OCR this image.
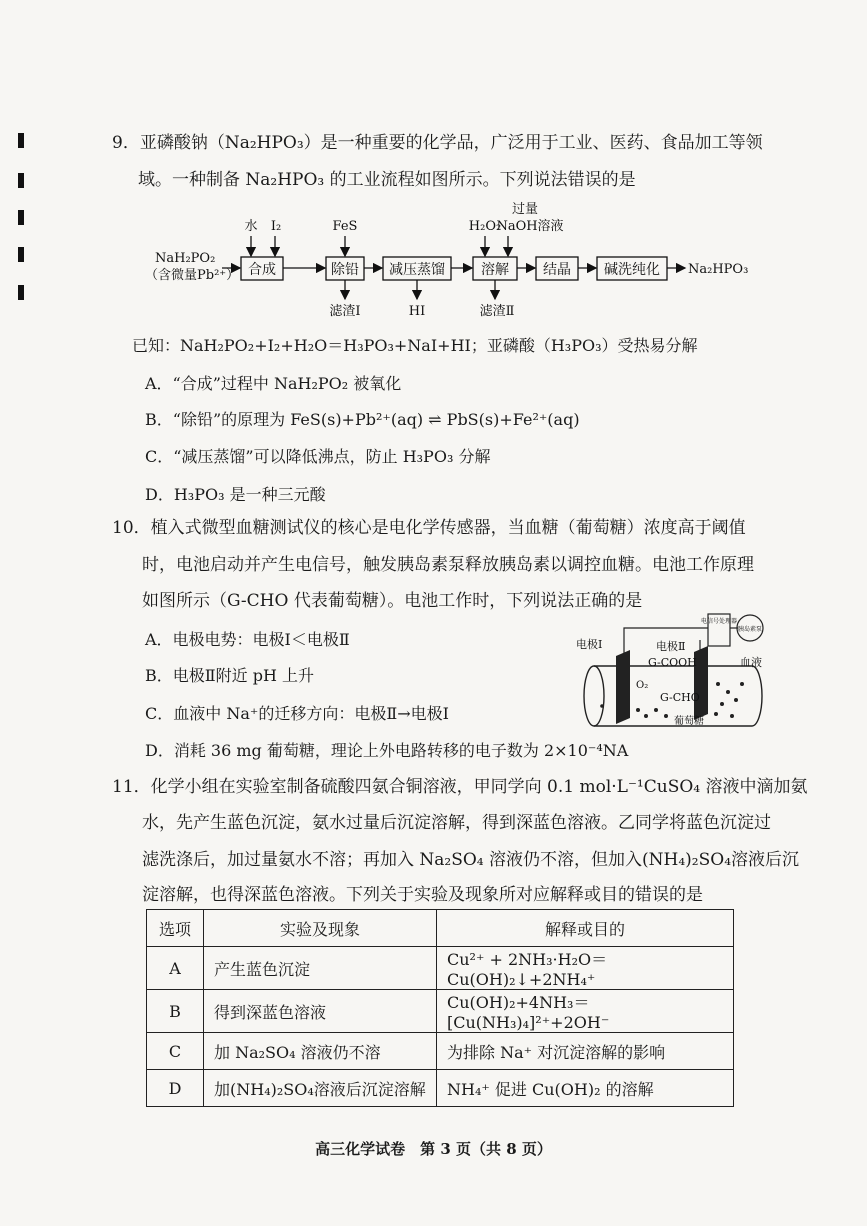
9．亚磷酸钠（Na₂HPO₃）是一种重要的化学品，广泛用于工业、医药、食品加工等领
域。一种制备 Na₂HPO₃ 的工业流程如图所示。下列说法错误的是
NaH₂PO₂
（含微量Pb²⁺） 合成	除铅 减压蒸馏	溶解 结晶 碱洗纯化
水 I₂	FeS	H₂O₂
过量
NaOH溶液
滤渣Ⅰ	HI	滤渣Ⅱ
Na₂HPO₃
已知：NaH₂PO₂+I₂+H₂O＝H₃PO₃+NaI+HI；亚磷酸（H₃PO₃）受热易分解
A．“合成”过程中 NaH₂PO₂ 被氧化
B．“除铅”的原理为 FeS(s)+Pb²⁺(aq) ⇌ PbS(s)+Fe²⁺(aq)
C．“减压蒸馏”可以降低沸点，防止 H₃PO₃ 分解
D．H₃PO₃ 是一种三元酸
10．植入式微型血糖测试仪的核心是电化学传感器，当血糖（葡萄糖）浓度高于阈值
时，电池启动并产生电信号，触发胰岛素泵释放胰岛素以调控血糖。电池工作原理
如图所示（G-CHO 代表葡萄糖）。电池工作时，下列说法正确的是
A．电极电势：电极Ⅰ＜电极Ⅱ
B．电极Ⅱ附近 pH 上升
C．血液中 Na⁺的迁移方向：电极Ⅱ→电极Ⅰ
D．消耗 36 mg 葡萄糖，理论上外电路转移的电子数为 2×10⁻⁴NA
电信号处理器
胰岛素泵
电极Ⅰ	电极Ⅱ
G-COOH
O₂
G-CHO
血液
葡萄糖
11．化学小组在实验室制备硫酸四氨合铜溶液，甲同学向 0.1 mol·L⁻¹CuSO₄ 溶液中滴加氨
水，先产生蓝色沉淀，氨水过量后沉淀溶解，得到深蓝色溶液。乙同学将蓝色沉淀过
滤洗涤后，加过量氨水不溶；再加入 Na₂SO₄ 溶液仍不溶，但加入(NH₄)₂SO₄溶液后沉
淀溶解，也得深蓝色溶液。下列关于实验及现象所对应解释或目的错误的是
选项	实验及现象	解释或目的
A	产生蓝色沉淀	Cu²⁺ + 2NH₃·H₂O＝Cu(OH)₂↓+2NH₄⁺
B	得到深蓝色溶液	Cu(OH)₂+4NH₃＝[Cu(NH₃)₄]²⁺+2OH⁻
C	加 Na₂SO₄ 溶液仍不溶	为排除 Na⁺ 对沉淀溶解的影响
D	加(NH₄)₂SO₄溶液后沉淀溶解	NH₄⁺ 促进 Cu(OH)₂ 的溶解
高三化学试卷　第 3 页（共 8 页）
